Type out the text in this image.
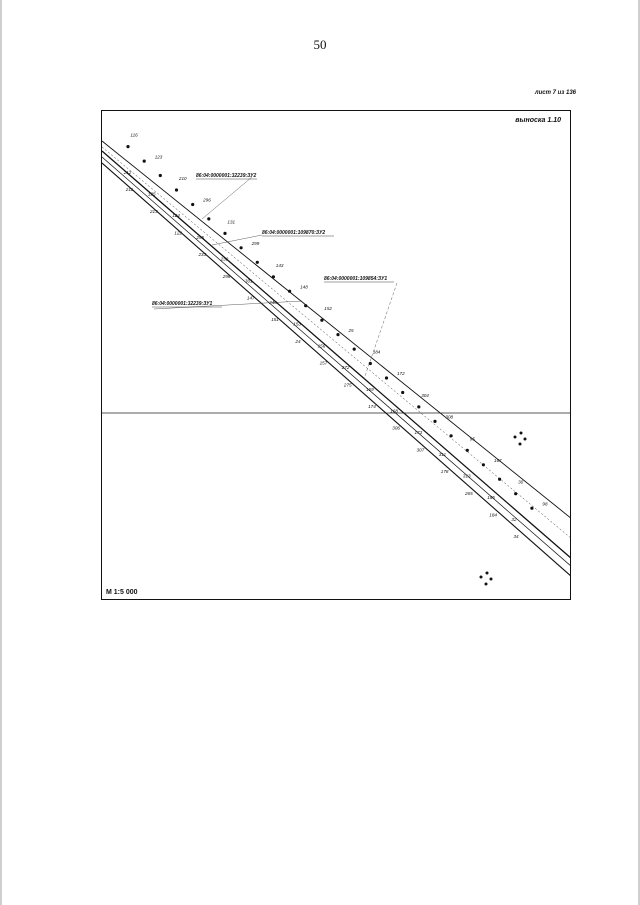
50
лист 7 из 136
116
212
211
123
125
213
210
124
122
296
295
233
131
232
298
299
301
147
143
246
151
148
153
24
152
156
157
25
272
275
184
169
174
172
168
306
304
173
307
308
311
178
95
313
265
167
185
184
30
32
34
98
86:04:0000001:32239:ЗУ2
86:04:0000001:109870:ЗУ2
86:04:0000001:109854:ЗУ1
86:04:0000001:32239:ЗУ1
выноска 1.10
М 1:5 000
